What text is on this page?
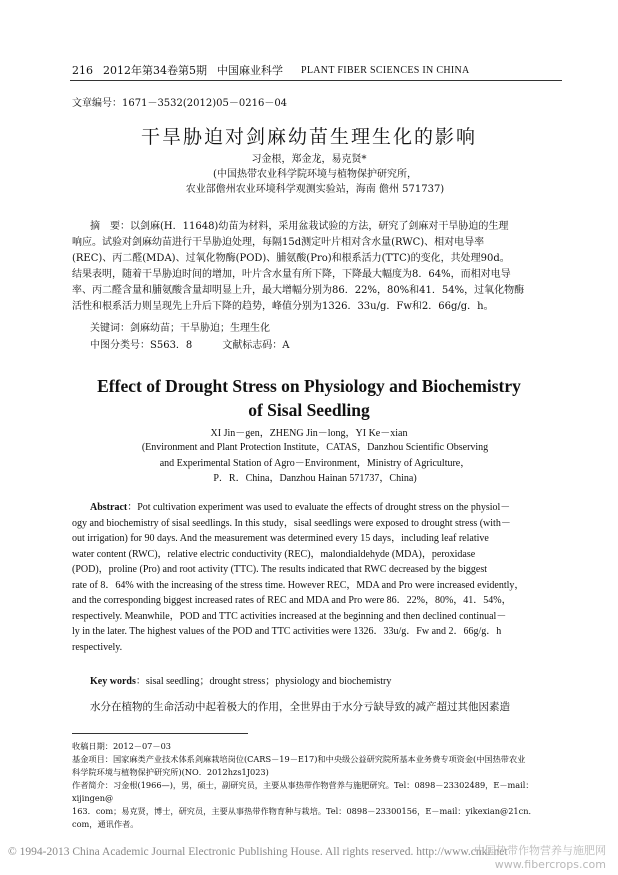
216 2012年第34卷第5期 中国麻业科学 PLANT FIBER SCIENCES IN CHINA
文章编号：1671－3532(2012)05－0216－04
干旱胁迫对剑麻幼苗生理生化的影响
习金根，郑金龙，易克贤*
(中国热带农业科学院环境与植物保护研究所，
农业部儋州农业环境科学观测实验站，海南 儋州 571737)
摘　要：以剑麻(H．11648)幼苗为材料，采用盆栽试验的方法，研究了剑麻对干旱胁迫的生理
响应。试验对剑麻幼苗进行干旱胁迫处理，每隔15d测定叶片相对含水量(RWC)、相对电导率
(REC)、丙二醛(MDA)、过氧化物酶(POD)、脯氨酸(Pro)和根系活力(TTC)的变化，共处理90d。
结果表明，随着干旱胁迫时间的增加，叶片含水量有所下降，下降最大幅度为8．64%，而相对电导
率、丙二醛含量和脯氨酸含量却明显上升，最大增幅分别为86．22%，80%和41．54%，过氧化物酶
活性和根系活力则呈现先上升后下降的趋势，峰值分别为1326．33u/g．Fw和2．66g/g．h。
关键词：剑麻幼苗；干旱胁迫；生理生化
中图分类号：S563．8	文献标志码：A
Effect of Drought Stress on Physiology and Biochemistry
of Sisal Seedling
XI Jin－gen，ZHENG Jin－long，YI Ke－xian
(Environment and Plant Protection Institute，CATAS，Danzhou Scientific Observing
and Experimental Station of Agro－Environment，Ministry of Agriculture，
P．R．China，Danzhou Hainan 571737，China)
Abstract：Pot cultivation experiment was used to evaluate the effects of drought stress on the physiol－
ogy and biochemistry of sisal seedlings. In this study，sisal seedlings were exposed to drought stress (with－
out irrigation) for 90 days. And the measurement was determined every 15 days，including leaf relative
water content (RWC)，relative electric conductivity (REC)，malondialdehyde (MDA)，peroxidase
(POD)，proline (Pro) and root activity (TTC). The results indicated that RWC decreased by the biggest
rate of 8．64% with the increasing of the stress time. However REC，MDA and Pro were increased evidently，
and the corresponding biggest increased rates of REC and MDA and Pro were 86．22%，80%，41．54%，
respectively. Meanwhile，POD and TTC activities increased at the beginning and then declined continual－
ly in the later. The highest values of the POD and TTC activities were 1326．33u/g．Fw and 2．66g/g．h
respectively.
Key words：sisal seedling；drought stress；physiology and biochemistry
水分在植物的生命活动中起着极大的作用，全世界由于水分亏缺导致的减产超过其他因素造
收稿日期：2012－07－03
基金项目：国家麻类产业技术体系剑麻栽培岗位(CARS－19－E17)和中央级公益研究院所基本业务费专项资金(中国热带农业
科学院环境与植物保护研究所)(NO．2012hzs1J023)
作者简介：习金根(1966—)，男，硕士，副研究员，主要从事热带作物营养与施肥研究。Tel：0898－23302489，E－mail：xijingen@
163．com；易克贤，博士，研究员，主要从事热带作物育种与栽培。Tel：0898－23300156，E－mail：yikexian@21cn．com，通讯作者。
© 1994-2013 China Academic Journal Electronic Publishing House. All rights reserved. http://www.cnki.net
中国热带作物营养与施肥网
www.fibercrops.com
